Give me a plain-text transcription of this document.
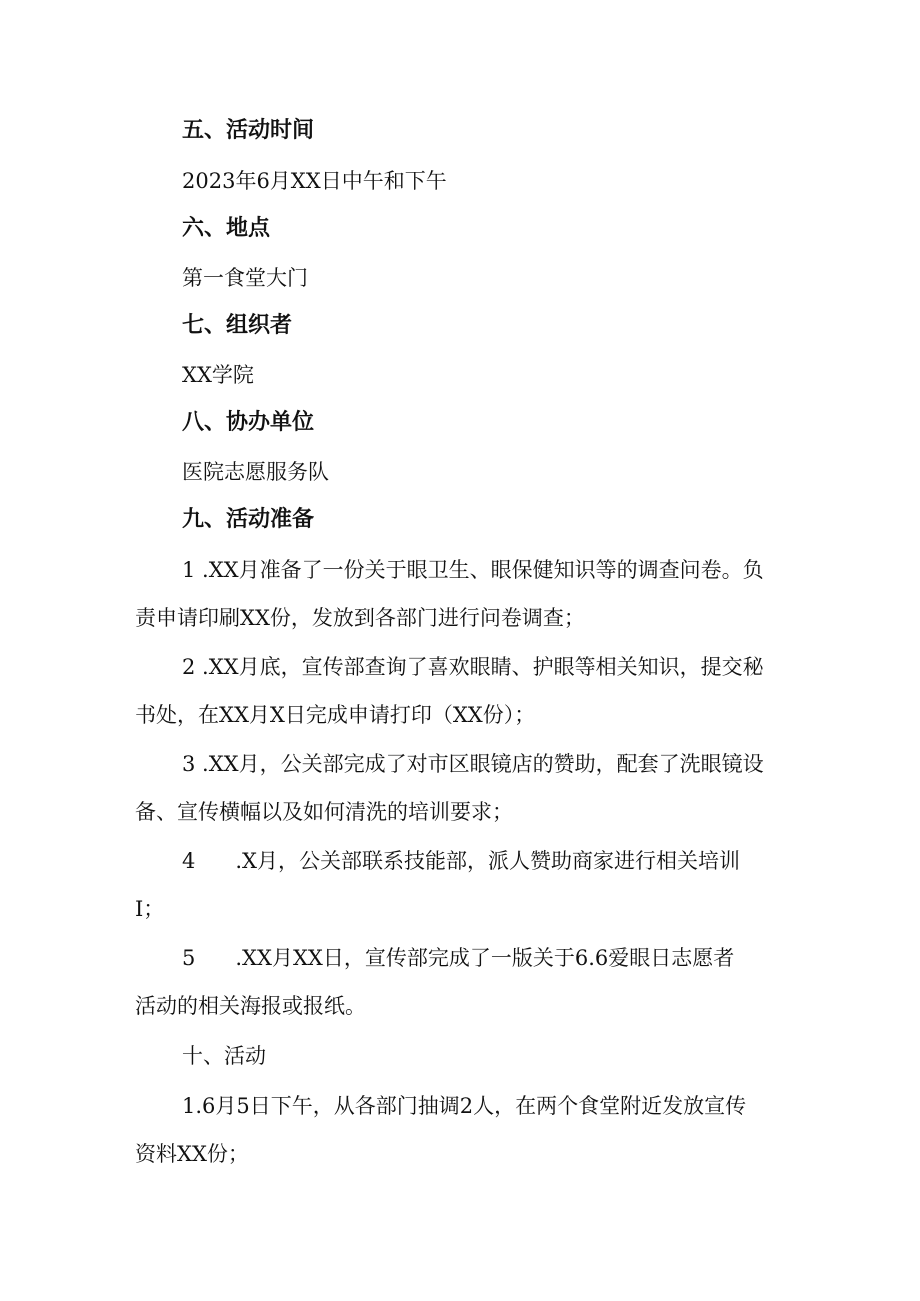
五、活动时间
2023年6月XX日中午和下午
六、地点
第一食堂大门
七、组织者
XX学院
八、协办单位
医院志愿服务队
九、活动准备
1 .XX月准备了一份关于眼卫生、眼保健知识等的调查问卷。负
责申请印刷XX份，发放到各部门进行问卷调查；
2 .XX月底，宣传部查询了喜欢眼睛、护眼等相关知识，提交秘
书处，在XX月X日完成申请打印（XX份）；
3 .XX月，公关部完成了对市区眼镜店的赞助，配套了洗眼镜设
备、宣传横幅以及如何清洗的培训要求；
4 .X月，公关部联系技能部，派人赞助商家进行相关培训
I；
5 .XX月XX日，宣传部完成了一版关于6.6爱眼日志愿者
活动的相关海报或报纸。
十、活动
1.6月5日下午，从各部门抽调2人，在两个食堂附近发放宣传
资料XX份；
